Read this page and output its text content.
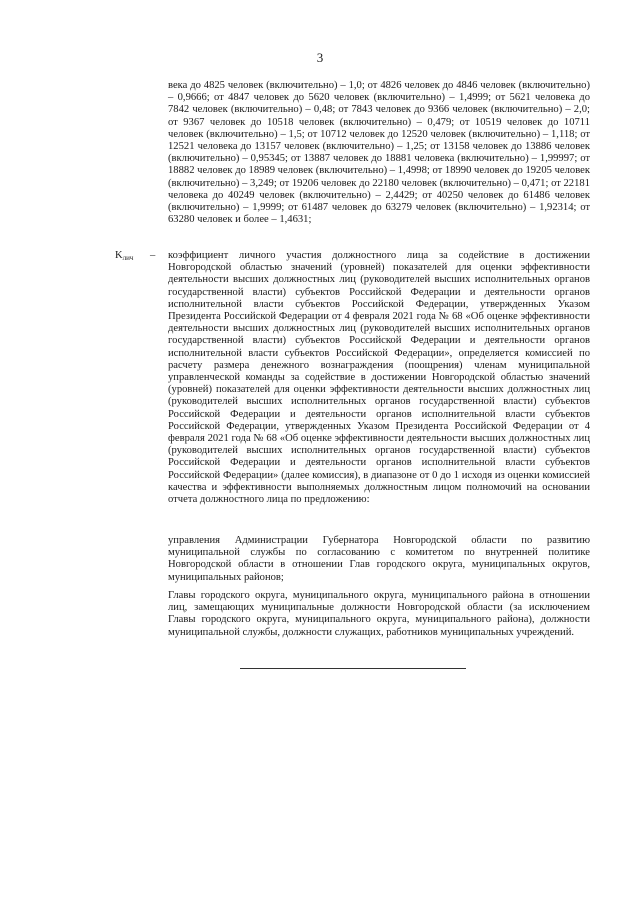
3

века до 4825 человек (включительно) – 1,0; от 4826 человек до 4846 человек (включительно) – 0,9666; от 4847 человек до 5620 человек (включительно) – 1,4999; от 5621 человека до 7842 человек (включительно) – 0,48; от 7843 человек до 9366 человек (включительно) – 2,0; от 9367 человек до 10518 человек (включительно) – 0,479; от 10519 человек до 10711 человек (включительно) – 1,5; от 10712 человек до 12520 человек (включительно) – 1,118; от 12521 человека до 13157 человек (включительно) – 1,25; от 13158 человек до 13886 человек (включительно) – 0,95345; от 13887 человек до 18881 человека (включительно) – 1,99997; от 18882 человек до 18989 человек (включительно) – 1,4998; от 18990 человек до 19205 человек (включительно) – 3,249; от 19206 человек до 22180 человек (включительно) – 0,471; от 22181 человека до 40249 человек (включительно) – 2,4429; от 40250 человек до 61486 человек (включительно) – 1,9999; от 61487 человек до 63279 человек (включительно) – 1,92314; от 63280 человек и более – 1,4631;

$K_{лич}$ – коэффициент личного участия должностного лица за содействие в достижении Новгородской областью значений (уровней) показателей для оценки эффективности деятельности высших должностных лиц (руководителей высших исполнительных органов государственной власти) субъектов Российской Федерации и деятельности органов исполнительной власти субъектов Российской Федерации, утвержденных Указом Президента Российской Федерации от 4 февраля 2021 года № 68 «Об оценке эффективности деятельности высших должностных лиц (руководителей высших исполнительных органов государственной власти) субъектов Российской Федерации и деятельности органов исполнительной власти субъектов Российской Федерации», определяется комиссией по расчету размера денежного вознаграждения (поощрения) членам муниципальной управленческой команды за содействие в достижении Новгородской областью значений (уровней) показателей для оценки эффективности деятельности высших должностных лиц (руководителей высших исполнительных органов государственной власти) субъектов Российской Федерации и деятельности органов исполнительной власти субъектов Российской Федерации, утвержденных Указом Президента Российской Федерации от 4 февраля 2021 года № 68 «Об оценке эффективности деятельности высших должностных лиц (руководителей высших исполнительных органов государственной власти) субъектов Российской Федерации и деятельности органов исполнительной власти субъектов Российской Федерации» (далее комиссия), в диапазоне от 0 до 1 исходя из оценки комиссией качества и эффективности выполняемых должностным лицом полномочий на основании отчета должностного лица по предложению:

управления Администрации Губернатора Новгородской области по развитию муниципальной службы по согласованию с комитетом по внутренней политике Новгородской области в отношении Глав городского округа, муниципальных округов, муниципальных районов;

Главы городского округа, муниципального округа, муниципального района в отношении лиц, замещающих муниципальные должности Новгородской области (за исключением Главы городского округа, муниципального округа, муниципального района), должности муниципальной службы, должности служащих, работников муниципальных учреждений.
